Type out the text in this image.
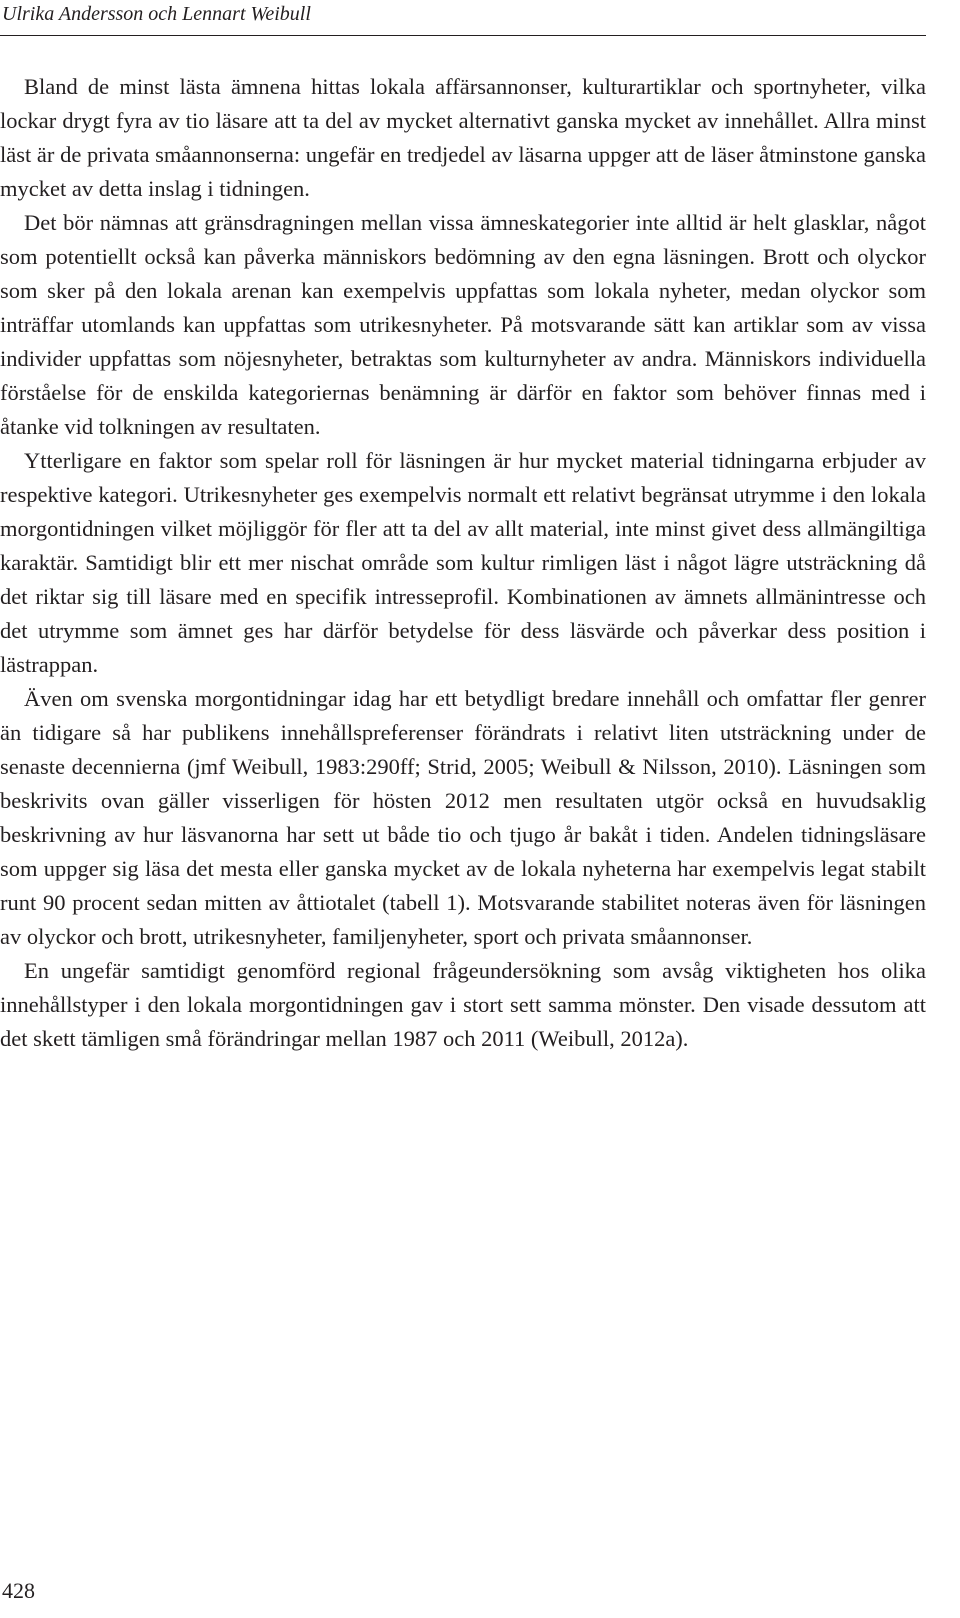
Ulrika Andersson och Lennart Weibull

Bland de minst lästa ämnena hittas lokala affärsannonser, kulturartiklar och sportnyheter, vilka lockar drygt fyra av tio läsare att ta del av mycket alternativt ganska mycket av innehållet. Allra minst läst är de privata småannonserna: ungefär en tredjedel av läsarna uppger att de läser åtminstone ganska mycket av detta inslag i tidningen.

Det bör nämnas att gränsdragningen mellan vissa ämneskategorier inte alltid är helt glasklar, något som potentiellt också kan påverka människors bedömning av den egna läsningen. Brott och olyckor som sker på den lokala arenan kan exempelvis uppfattas som lokala nyheter, medan olyckor som inträffar utomlands kan uppfattas som utrikesnyheter. På motsvarande sätt kan artiklar som av vissa individer uppfattas som nöjesnyheter, betraktas som kulturnyheter av andra. Människors individuella förståelse för de enskilda kategoriernas benämning är därför en faktor som behöver finnas med i åtanke vid tolkningen av resultaten.

Ytterligare en faktor som spelar roll för läsningen är hur mycket material tidningarna erbjuder av respektive kategori. Utrikesnyheter ges exempelvis normalt ett relativt begränsat utrymme i den lokala morgontidningen vilket möjliggör för fler att ta del av allt material, inte minst givet dess allmängiltiga karaktär. Samtidigt blir ett mer nischat område som kultur rimligen läst i något lägre utsträckning då det riktar sig till läsare med en specifik intresseprofil. Kombinationen av ämnets allmänintresse och det utrymme som ämnet ges har därför betydelse för dess läsvärde och påverkar dess position i lästrappan.

Även om svenska morgontidningar idag har ett betydligt bredare innehåll och omfattar fler genrer än tidigare så har publikens innehållspreferenser förändrats i relativt liten utsträckning under de senaste decennierna (jmf Weibull, 1983:290ff; Strid, 2005; Weibull & Nilsson, 2010). Läsningen som beskrivits ovan gäller visserligen för hösten 2012 men resultaten utgör också en huvudsaklig beskrivning av hur läsvanorna har sett ut både tio och tjugo år bakåt i tiden. Andelen tidningsläsare som uppger sig läsa det mesta eller ganska mycket av de lokala nyheterna har exempelvis legat stabilt runt 90 procent sedan mitten av åttiotalet (tabell 1). Motsvarande stabilitet noteras även för läsningen av olyckor och brott, utrikesnyheter, familjenyheter, sport och privata småannonser.

En ungefär samtidigt genomförd regional frågeundersökning som avsåg viktigheten hos olika innehållstyper i den lokala morgontidningen gav i stort sett samma mönster. Den visade dessutom att det skett tämligen små förändringar mellan 1987 och 2011 (Weibull, 2012a).

428
